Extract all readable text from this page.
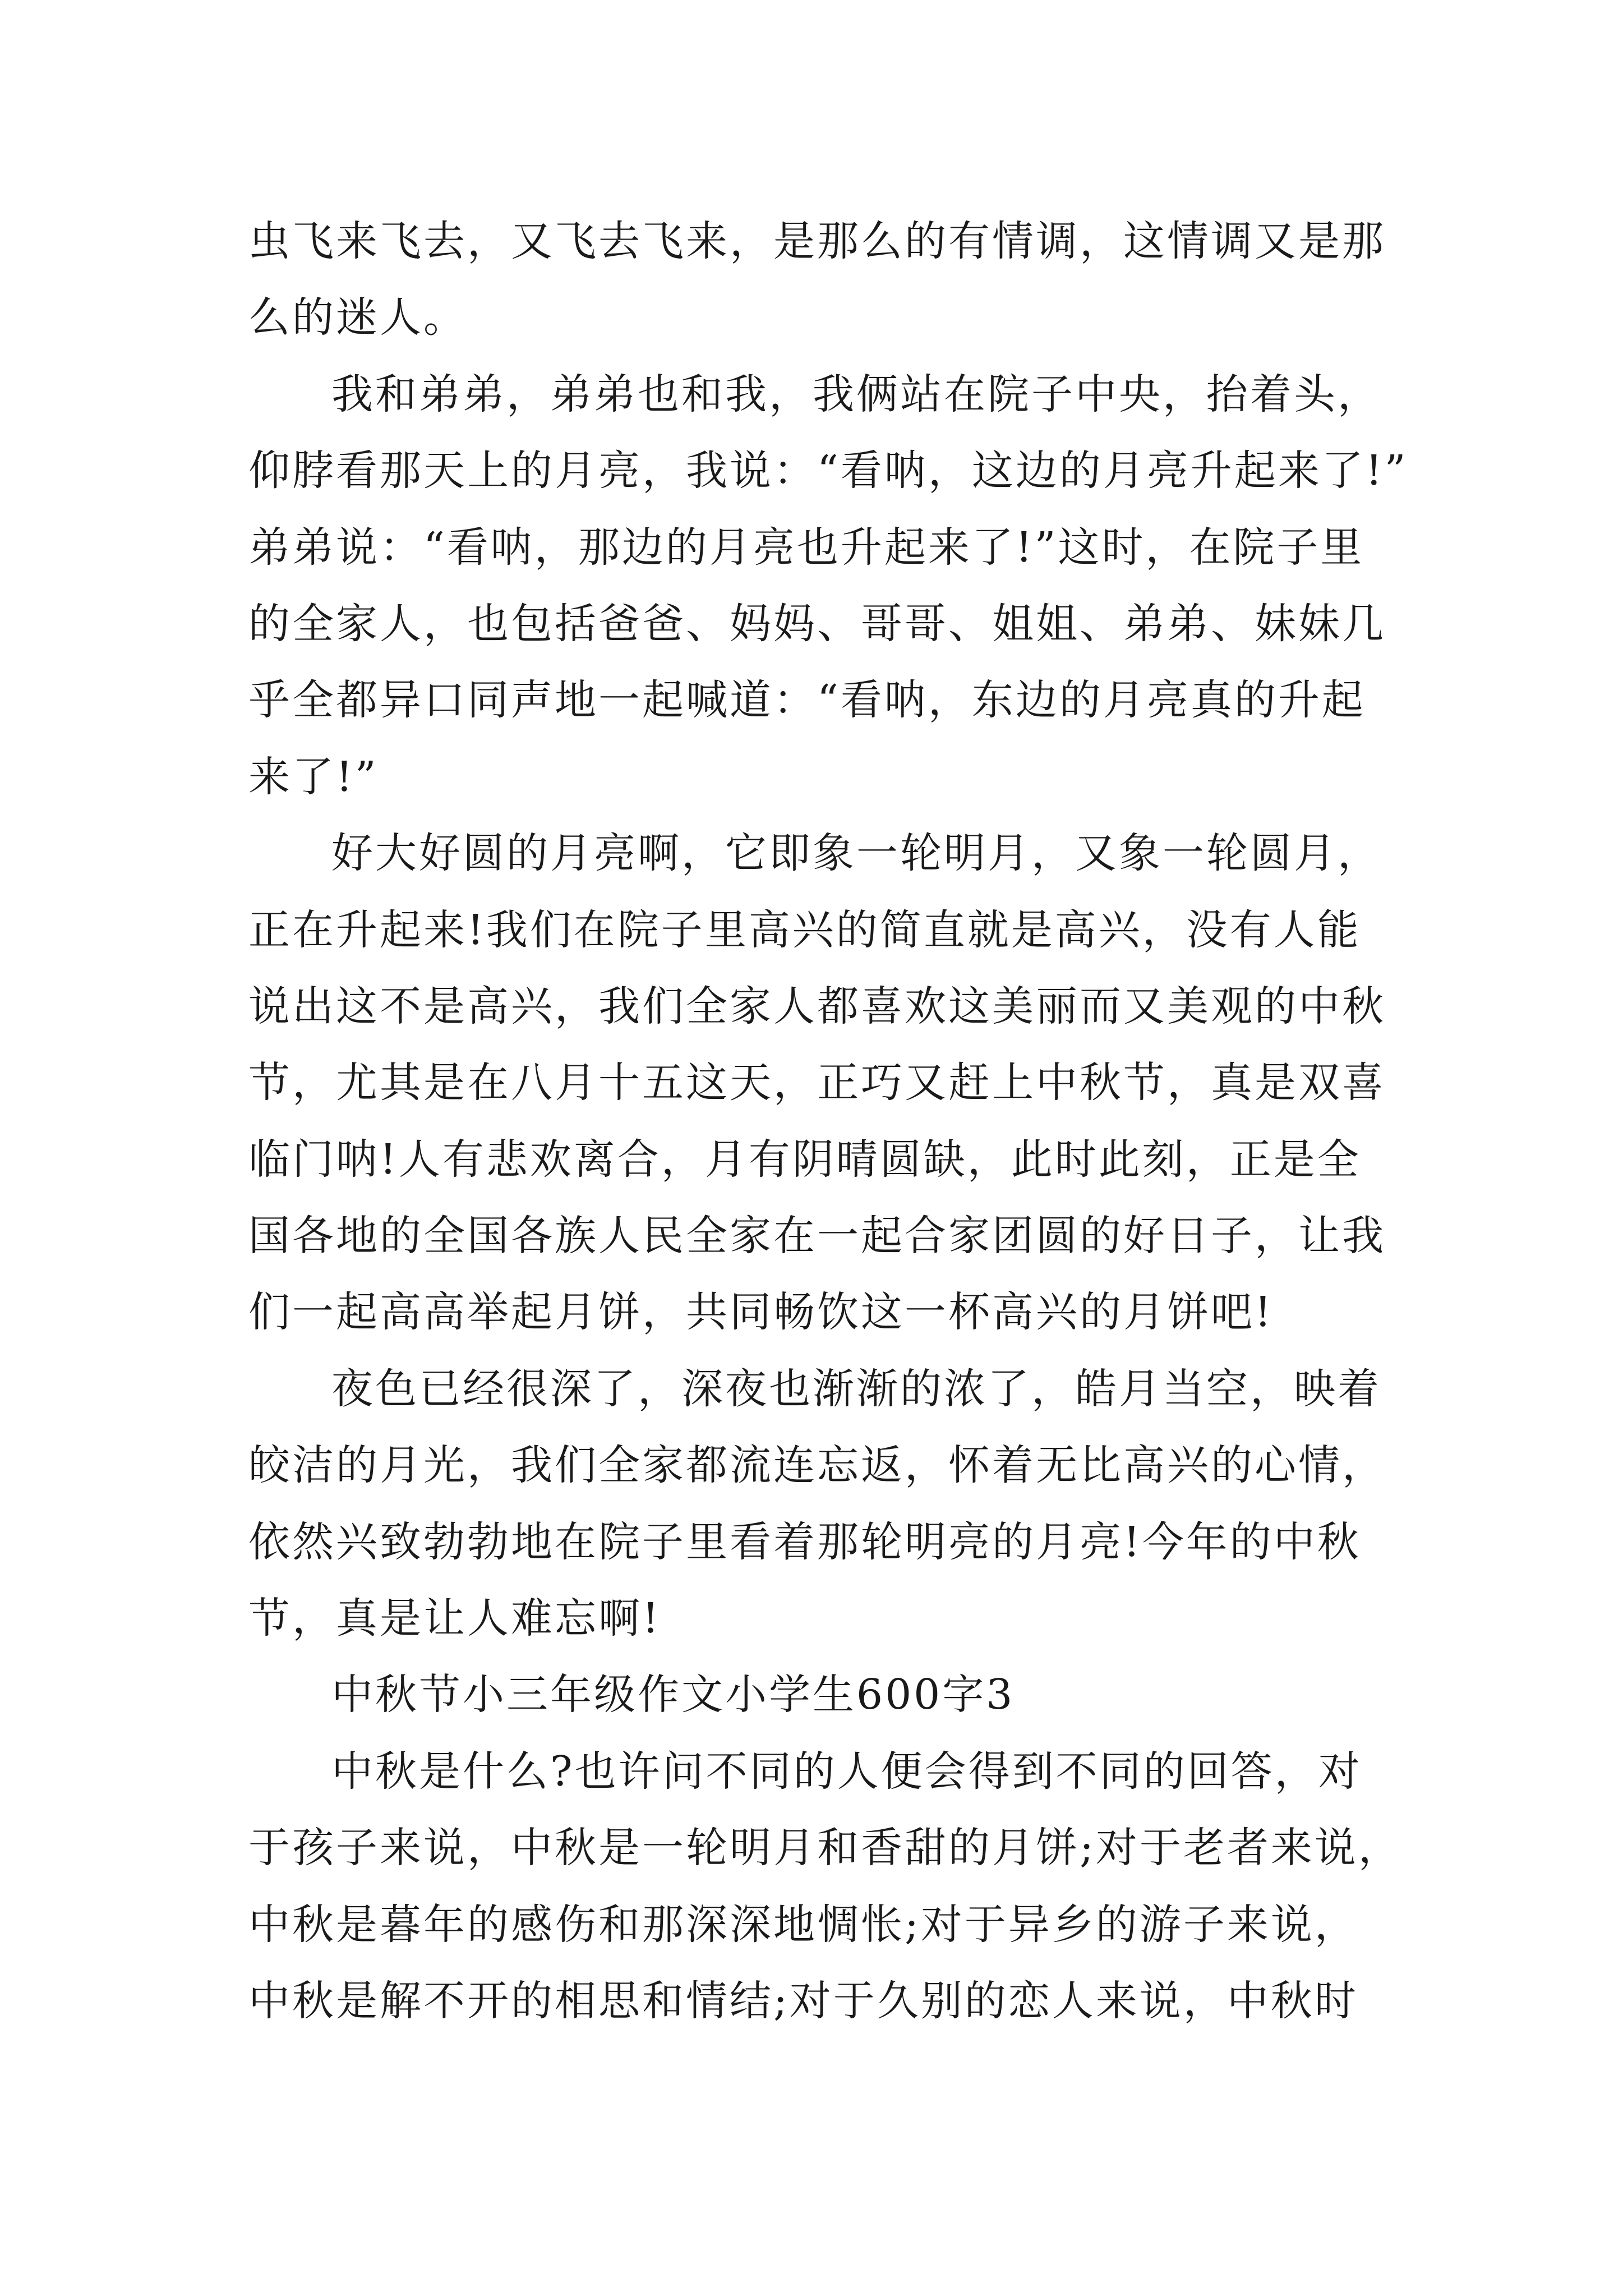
虫飞来飞去，又飞去飞来，是那么的有情调，这情调又是那
么的迷人。
我和弟弟，弟弟也和我，我俩站在院子中央，抬着头，
仰脖看那天上的月亮，我说：“看呐，这边的月亮升起来了!”
弟弟说：“看呐，那边的月亮也升起来了!”这时，在院子里
的全家人，也包括爸爸、妈妈、哥哥、姐姐、弟弟、妹妹几
乎全都异口同声地一起喊道：“看呐，东边的月亮真的升起
来了!”
好大好圆的月亮啊，它即象一轮明月，又象一轮圆月，
正在升起来!我们在院子里高兴的简直就是高兴，没有人能
说出这不是高兴，我们全家人都喜欢这美丽而又美观的中秋
节，尤其是在八月十五这天，正巧又赶上中秋节，真是双喜
临门呐!人有悲欢离合，月有阴晴圆缺，此时此刻，正是全
国各地的全国各族人民全家在一起合家团圆的好日子，让我
们一起高高举起月饼，共同畅饮这一杯高兴的月饼吧!
夜色已经很深了，深夜也渐渐的浓了，皓月当空，映着
皎洁的月光，我们全家都流连忘返，怀着无比高兴的心情，
依然兴致勃勃地在院子里看着那轮明亮的月亮!今年的中秋
节，真是让人难忘啊!
中秋节小三年级作文小学生600字3
中秋是什么?也许问不同的人便会得到不同的回答，对
于孩子来说，中秋是一轮明月和香甜的月饼;对于老者来说，
中秋是暮年的感伤和那深深地惆怅;对于异乡的游子来说，
中秋是解不开的相思和情结;对于久别的恋人来说，中秋时
